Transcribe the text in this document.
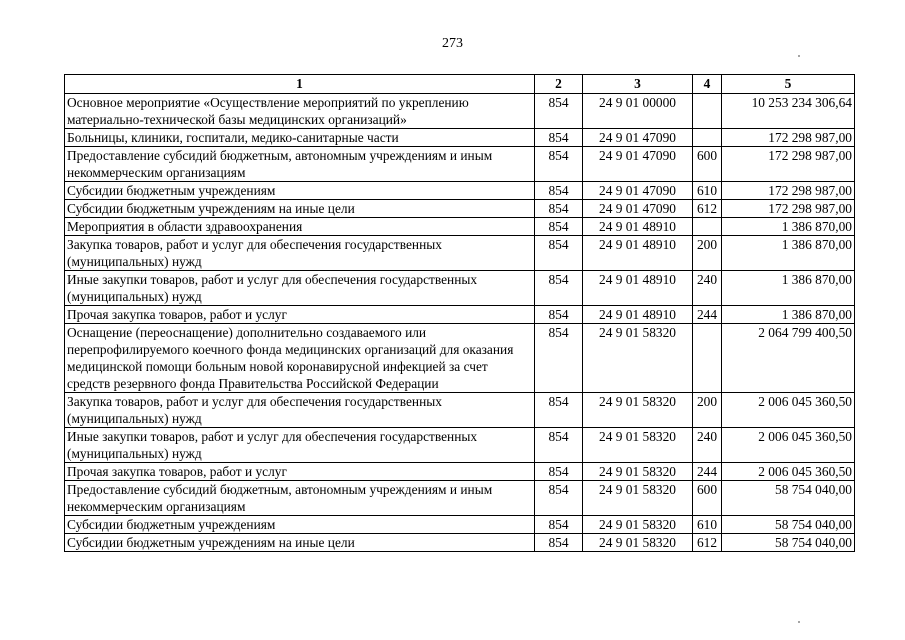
273
1	2	3	4	5
Основное мероприятие «Осуществление мероприятий по укреплению материально-технической базы медицинских организаций»	854	24 9 01 00000		10 253 234 306,64
Больницы, клиники, госпитали, медико-санитарные части	854	24 9 01 47090		172 298 987,00
Предоставление субсидий бюджетным, автономным учреждениям и иным некоммерческим организациям	854	24 9 01 47090	600	172 298 987,00
Субсидии бюджетным учреждениям	854	24 9 01 47090	610	172 298 987,00
Субсидии бюджетным учреждениям на иные цели	854	24 9 01 47090	612	172 298 987,00
Мероприятия в области здравоохранения	854	24 9 01 48910		1 386 870,00
Закупка товаров, работ и услуг для обеспечения государственных (муниципальных) нужд	854	24 9 01 48910	200	1 386 870,00
Иные закупки товаров, работ и услуг для обеспечения государственных (муниципальных) нужд	854	24 9 01 48910	240	1 386 870,00
Прочая закупка товаров, работ и услуг	854	24 9 01 48910	244	1 386 870,00
Оснащение (переоснащение) дополнительно создаваемого или перепрофилируемого коечного фонда медицинских организаций для оказания медицинской помощи больным новой коронавирусной инфекцией за счет средств резервного фонда Правительства Российской Федерации	854	24 9 01 58320		2 064 799 400,50
Закупка товаров, работ и услуг для обеспечения государственных (муниципальных) нужд	854	24 9 01 58320	200	2 006 045 360,50
Иные закупки товаров, работ и услуг для обеспечения государственных (муниципальных) нужд	854	24 9 01 58320	240	2 006 045 360,50
Прочая закупка товаров, работ и услуг	854	24 9 01 58320	244	2 006 045 360,50
Предоставление субсидий бюджетным, автономным учреждениям и иным некоммерческим организациям	854	24 9 01 58320	600	58 754 040,00
Субсидии бюджетным учреждениям	854	24 9 01 58320	610	58 754 040,00
Субсидии бюджетным учреждениям на иные цели	854	24 9 01 58320	612	58 754 040,00
